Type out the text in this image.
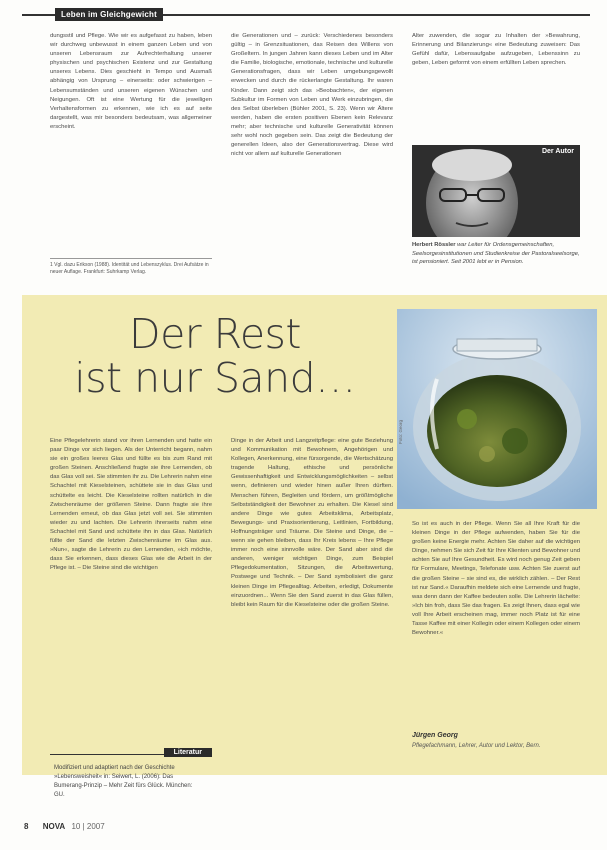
Leben im Gleichgewicht
dungsstil und Pflege. Wie wir es aufgefasst zu haben, leben wir durchweg unbewusst in einem ganzen Leben und von unseren Lebensraum zur Aufrechterhaltung unserer physischen und psychischen Existenz und zur Gestaltung unseres Lebens. Dies geschieht in Tempo und Ausmaß abhängig von Ursprung – einerseits: oder schwierigen – Lebensumständen und unseren eigenen Wünschen und Neigungen. Oft ist eine Wertung für die jeweiligen Verhaltensformen zu erkennen, wie ich es auf seite dargestellt, was mir besonders bedeutsam, was allgemeiner erscheint.
die Generationen und – zurück: Verschiedenes besonders gültig – in Grenzsituationen, das Reisen des Willens von Großeltern. In jungen Jahren kann dieses Leben und im Alter die Familie, biologische, emotionale, technische und kulturelle Generationsfragen, dass wir Leben umgebungsgewollt erwecken und durch die rückerlangte Gestaltung. Ihr waren Kinder. Dann zeigt sich das »Beobachten«, der eigenen Subkultur im Formen von Leben und Werk einzubringen, die des Selbst überleben (Bühler 2001, S. 23). Wenn wir Ältere werden, haben die ersten positiven Ebenen kein Relevanz mehr; aber technische und kulturelle Generativität können sehr wohl noch gegeben sein. Das zeigt die Bedeutung der generellen Ideen, also der Generationsvertrag. Diese wird nicht vor allem auf kulturelle Generationen
Alter zuwenden, die sogar zu Inhalten der »Bewahrung, Erinnerung und Bilanzierung« eine Bedeutung zuweisen: Das Gefühl dafür, Lebensaufgabe aufzugeben, Lebenssinn zu geben, Leben geformt von einem erfüllten Leben sprechen.
1 Vgl. dazu Erikson (1988). Identität und Lebenszyklus. Drei Aufsätze in neuer Auflage. Frankfurt: Suhrkamp Verlag.
Der Autor
Herbert Rössler war Leiter für Ordensgemeinschaften, Seelsorgesinstitutionen und Studienkreise der Pastoralseelsorge, ist pensioniert. Seit 2001 lebt er in Pension.
Der Rest
ist nur Sand…
Foto: Georg
Eine Pflegelehrerin stand vor ihren Lernenden und hatte ein paar Dinge vor sich liegen. Als der Unterricht begann, nahm sie ein großes leeres Glas und füllte es bis zum Rand mit großen Steinen. Anschließend fragte sie ihre Lernenden, ob das Glas voll sei. Sie stimmten ihr zu. Die Lehrerin nahm eine Schachtel mit Kieselsteinen, schüttete sie in das Glas und schüttelte es leicht. Die Kieselsteine rollten natürlich in die Zwischenräume der größeren Steine. Dann fragte sie ihre Lernenden erneut, ob das Glas jetzt voll sei. Sie stimmten wieder zu und lachten. Die Lehrerin ihrerseits nahm eine Schachtel mit Sand und schüttete ihn in das Glas. Natürlich füllte der Sand die letzten Zwischenräume im Glas aus. »Nun«, sagte die Lehrerin zu den Lernenden, »ich möchte, dass Sie erkennen, dass dieses Glas wie die Arbeit in der Pflege ist. – Die Steine sind die wichtigen
Dinge in der Arbeit und Langzeitpflege: eine gute Beziehung und Kommunikation mit Bewohnern, Angehörigen und Kollegen, Anerkennung, eine fürsorgende, die Wertschätzung tragende Haltung, ethische und persönliche Gewissenhaftigkeit und Entwicklungsmöglichkeiten – selbst wenn, definieren und wieder hinen außer Ihren dürften. Menschen führen, Begleiten und fördern, um größtmögliche Selbstständigkeit der Bewohner zu erhalten. Die Kiesel sind andere Dinge wie gutes Arbeitsklima, Arbeitsplatz, Bewegungs- und Praxisorientierung, Leitlinien, Fortbildung, Hoffnungsträger und Träume. Die Steine und Dinge, die – wenn sie gehen bleiben, dass Ihr Kreis lebens – Ihre Pflege immer noch eine sinnvolle wäre. Der Sand aber sind die anderen, weniger wichtigen Dinge, zum Beispiel Pflegedokumentation, Sitzungen, die Arbeitswertung, Postwege und Technik. – Der Sand symbolisiert die ganz kleinen Dinge im Pflegealltag. Arbeiten, erledigt, Dokumente einzuordnen... Wenn Sie den Sand zuerst in das Glas füllen, bleibt kein Raum für die Kieselsteine oder die großen Steine.
So ist es auch in der Pflege. Wenn Sie all Ihre Kraft für die kleinen Dinge in der Pflege aufwenden, haben Sie für die großen keine Energie mehr. Achten Sie daher auf die wichtigen Dinge, nehmen Sie sich Zeit für Ihre Klienten und Bewohner und achten Sie auf Ihre Gesundheit. Es wird noch genug Zeit geben für Formulare, Meetings, Telefonate usw. Achten Sie zuerst auf die großen Steine – sie sind es, die wirklich zählen. – Der Rest ist nur Sand.« Daraufhin meldete sich eine Lernende und fragte, was denn dann der Kaffee bedeuten solle. Die Lehrerin lächelte: »Ich bin froh, dass Sie das fragen. Es zeigt Ihnen, dass egal wie voll Ihre Arbeit erscheinen mag, immer noch Platz ist für eine Tasse Kaffee mit einer Kollegin oder einem Kollegen oder einem Bewohner.«
Literatur
Modifiziert und adaptiert nach der Geschichte »Lebensweisheit« in: Seiwert, L. (2006): Das Bumerang-Prinzip – Mehr Zeit fürs Glück. München: GU.
Jürgen Georg
Pflegefachmann, Lehrer, Autor und Lektor, Bern.
8 NOVA 10 | 2007
